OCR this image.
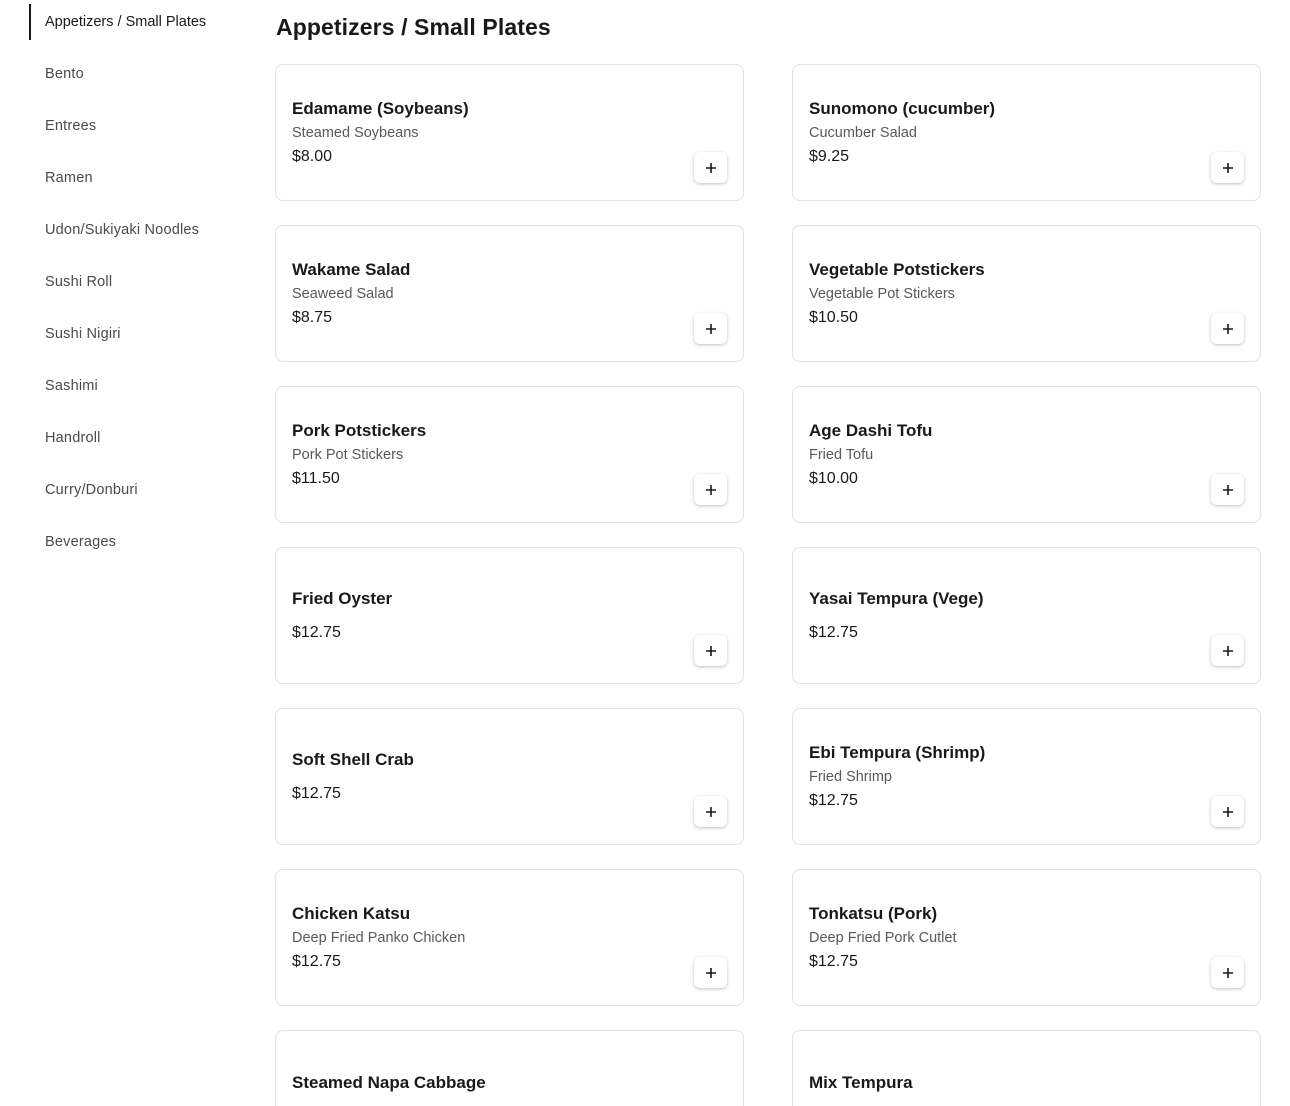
Appetizers / Small Plates
Bento
Entrees
Ramen
Udon/Sukiyaki Noodles
Sushi Roll
Sushi Nigiri
Sashimi
Handroll
Curry/Donburi
Beverages
Appetizers / Small Plates
Edamame (Soybeans)
Steamed Soybeans
$8.00
Sunomono (cucumber)
Cucumber Salad
$9.25
Wakame Salad
Seaweed Salad
$8.75
Vegetable Potstickers
Vegetable Pot Stickers
$10.50
Pork Potstickers
Pork Pot Stickers
$11.50
Age Dashi Tofu
Fried Tofu
$10.00
Fried Oyster
$12.75
Yasai Tempura (Vege)
$12.75
Soft Shell Crab
$12.75
Ebi Tempura (Shrimp)
Fried Shrimp
$12.75
Chicken Katsu
Deep Fried Panko Chicken
$12.75
Tonkatsu (Pork)
Deep Fried Pork Cutlet
$12.75
Steamed Napa Cabbage	Mix Tempura
